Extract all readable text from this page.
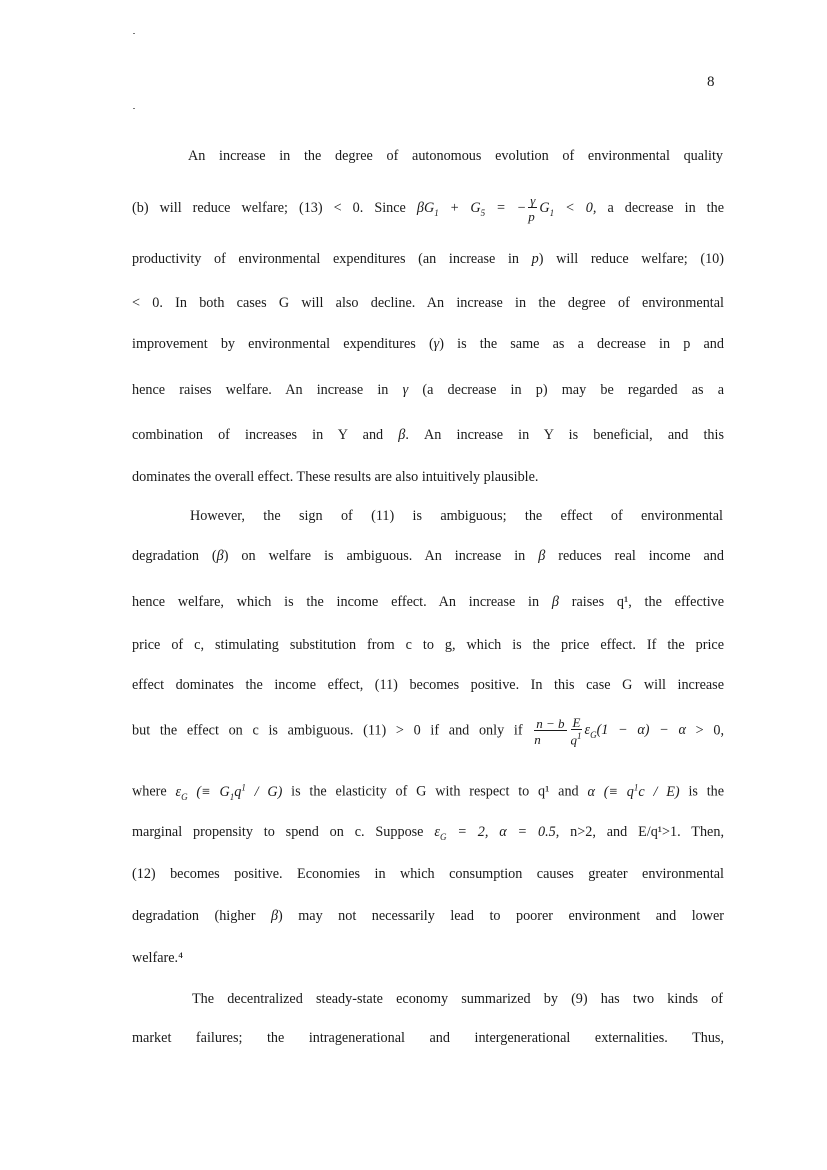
8
An increase in the degree of autonomous evolution of environmental quality
(b) will reduce welfare; (13) < 0. Since $\beta G_1 + G_5$ = − $\frac{\gamma}{p} G_1 < 0$, a decrease in the
productivity of environmental expenditures (an increase in p) will reduce welfare; (10)
< 0. In both cases G will also decline. An increase in the degree of environmental
improvement by environmental expenditures (γ) is the same as a decrease in p and
hence raises welfare. An increase in γ (a decrease in p) may be regarded as a
combination of increases in Y and β. An increase in Y is beneficial, and this
dominates the overall effect. These results are also intuitively plausible.
However, the sign of (11) is ambiguous; the effect of environmental
degradation (β) on welfare is ambiguous. An increase in β reduces real income and
hence welfare, which is the income effect. An increase in β raises q¹, the effective
price of c, stimulating substitution from c to g, which is the price effect. If the price
effect dominates the income effect, (11) becomes positive. In this case G will increase
but the effect on c is ambiguous. (11) > 0 if and only if $\frac{n - b}{n} \frac{E}{q^1} \varepsilon_G(1 - \alpha) - \alpha > 0$,
where $\varepsilon_G$ (≡ $G_1q^1 / G$) is the elasticity of G with respect to q¹ and α (≡ $q^1c / E$) is the
marginal propensity to spend on c. Suppose $\varepsilon_G = 2$, α = 0.5, n>2, and E/q¹>1. Then,
(12) becomes positive. Economies in which consumption causes greater environmental
degradation (higher β) may not necessarily lead to poorer environment and lower
welfare.⁴
The decentralized steady-state economy summarized by (9) has two kinds of
market failures; the intragenerational and intergenerational externalities. Thus,
